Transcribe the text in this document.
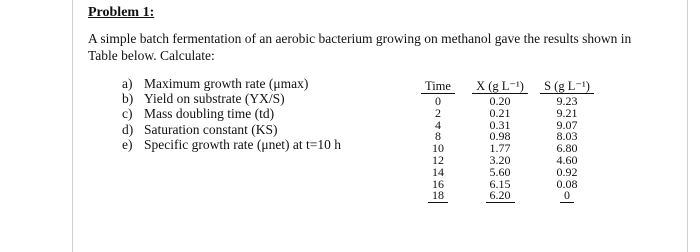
Problem 1:
A simple batch fermentation of an aerobic bacterium growing on methanol gave the results shown in Table below. Calculate:
a) Maximum growth rate (μmax)
b) Yield on substrate (YX/S)
c) Mass doubling time (td)
d) Saturation constant (KS)
e) Specific growth rate (μnet) at t=10 h
Time	X (g L⁻¹)	S (g L⁻¹)
0	0.20	9.23
2	0.21	9.21
4	0.31	9.07
8	0.98	8.03
10	1.77	6.80
12	3.20	4.60
14	5.60	0.92
16	6.15	0.08
18	6.20	0
